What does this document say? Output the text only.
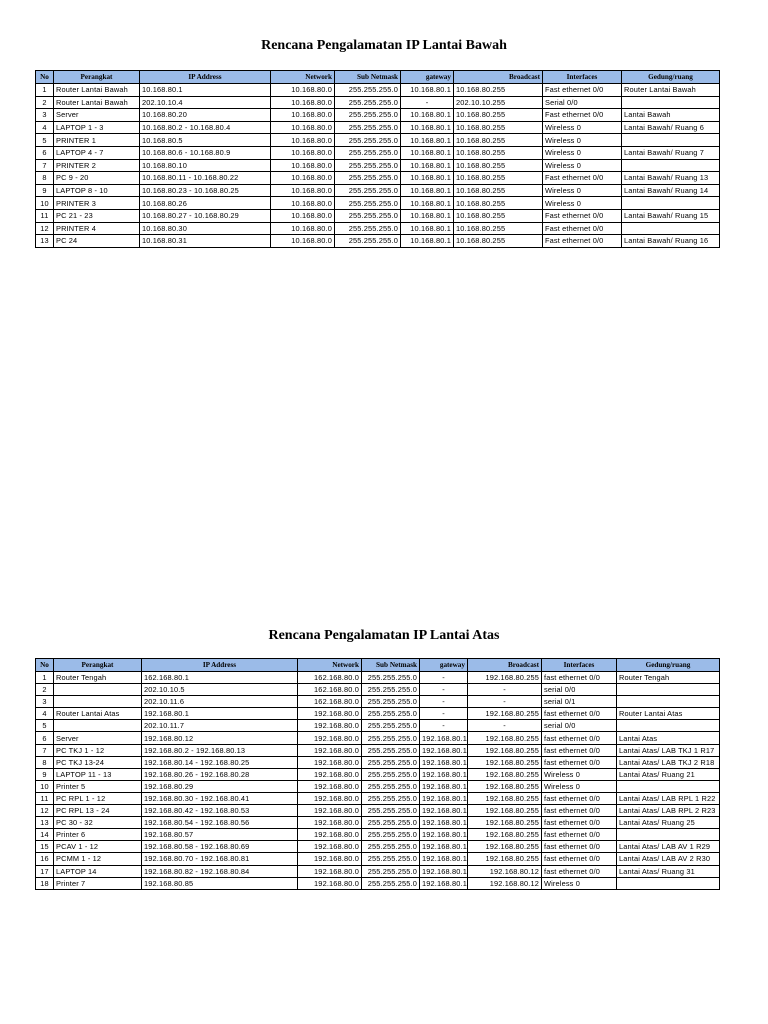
Rencana Pengalamatan IP Lantai Bawah
No	Perangkat	IP Address	Network	Sub Netmask	gateway	Broadcast	Interfaces	Gedung/ruang
1	Router Lantai Bawah	10.168.80.1	10.168.80.0	255.255.255.0	10.168.80.1	10.168.80.255	Fast ethernet 0/0	Router Lantai Bawah
2	Router Lantai Bawah	202.10.10.4	10.168.80.0	255.255.255.0	-	202.10.10.255	Serial 0/0	
3	Server	10.168.80.20	10.168.80.0	255.255.255.0	10.168.80.1	10.168.80.255	Fast ethernet 0/0	Lantai Bawah
4	LAPTOP 1 - 3	10.168.80.2 - 10.168.80.4	10.168.80.0	255.255.255.0	10.168.80.1	10.168.80.255	Wireless 0	Lantai Bawah/ Ruang 6
5	PRINTER 1	10.168.80.5	10.168.80.0	255.255.255.0	10.168.80.1	10.168.80.255	Wireless 0	
6	LAPTOP 4 - 7	10.168.80.6 - 10.168.80.9	10.168.80.0	255.255.255.0	10.168.80.1	10.168.80.255	Wireless 0	Lantai Bawah/ Ruang 7
7	PRINTER 2	10.168.80.10	10.168.80.0	255.255.255.0	10.168.80.1	10.168.80.255	Wireless 0	
8	PC 9 - 20	10.168.80.11 - 10.168.80.22	10.168.80.0	255.255.255.0	10.168.80.1	10.168.80.255	Fast ethernet 0/0	Lantai Bawah/ Ruang 13
9	LAPTOP 8 - 10	10.168.80.23 - 10.168.80.25	10.168.80.0	255.255.255.0	10.168.80.1	10.168.80.255	Wireless 0	Lantai Bawah/ Ruang 14
10	PRINTER 3	10.168.80.26	10.168.80.0	255.255.255.0	10.168.80.1	10.168.80.255	Wireless 0	
11	PC 21 - 23	10.168.80.27 - 10.168.80.29	10.168.80.0	255.255.255.0	10.168.80.1	10.168.80.255	Fast ethernet 0/0	Lantai Bawah/ Ruang 15
12	PRINTER 4	10.168.80.30	10.168.80.0	255.255.255.0	10.168.80.1	10.168.80.255	Fast ethernet 0/0	
13	PC 24	10.168.80.31	10.168.80.0	255.255.255.0	10.168.80.1	10.168.80.255	Fast ethernet 0/0	Lantai Bawah/ Ruang 16
Rencana Pengalamatan IP Lantai Atas
No	Perangkat	IP Address	Network	Sub Netmask	gateway	Broadcast	Interfaces	Gedung/ruang
1	Router Tengah	162.168.80.1	162.168.80.0	255.255.255.0	-	192.168.80.255	fast ethernet 0/0	Router Tengah
2		202.10.10.5	162.168.80.0	255.255.255.0	-	-	serial 0/0	
3		202.10.11.6	162.168.80.0	255.255.255.0	-	-	serial 0/1	
4	Router Lantai Atas	192.168.80.1	192.168.80.0	255.255.255.0	-	192.168.80.255	fast ethernet 0/0	Router Lantai Atas
5		202.10.11.7	192.168.80.0	255.255.255.0	-	-	serial 0/0	
6	Server	192.168.80.12	192.168.80.0	255.255.255.0	192.168.80.1	192.168.80.255	fast ethernet 0/0	Lantai Atas
7	PC TKJ 1 - 12	192.168.80.2 - 192.168.80.13	192.168.80.0	255.255.255.0	192.168.80.1	192.168.80.255	fast ethernet 0/0	Lantai Atas/ LAB TKJ 1 R17
8	PC TKJ 13-24	192.168.80.14 - 192.168.80.25	192.168.80.0	255.255.255.0	192.168.80.1	192.168.80.255	fast ethernet 0/0	Lantai Atas/ LAB TKJ 2 R18
9	LAPTOP 11 - 13	192.168.80.26 - 192.168.80.28	192.168.80.0	255.255.255.0	192.168.80.1	192.168.80.255	Wireless 0	Lantai Atas/ Ruang 21
10	Printer 5	192.168.80.29	192.168.80.0	255.255.255.0	192.168.80.1	192.168.80.255	Wireless 0	
11	PC RPL 1 - 12	192.168.80.30 - 192.168.80.41	192.168.80.0	255.255.255.0	192.168.80.1	192.168.80.255	fast ethernet 0/0	Lantai Atas/ LAB RPL 1 R22
12	PC RPL 13 - 24	192.168.80.42 - 192.168.80.53	192.168.80.0	255.255.255.0	192.168.80.1	192.168.80.255	fast ethernet 0/0	Lantai Atas/ LAB RPL 2 R23
13	PC 30 - 32	192.168.80.54 - 192.168.80.56	192.168.80.0	255.255.255.0	192.168.80.1	192.168.80.255	fast ethernet 0/0	Lantai Atas/ Ruang 25
14	Printer 6	192.168.80.57	192.168.80.0	255.255.255.0	192.168.80.1	192.168.80.255	fast ethernet 0/0	
15	PCAV 1 - 12	192.168.80.58 - 192.168.80.69	192.168.80.0	255.255.255.0	192.168.80.1	192.168.80.255	fast ethernet 0/0	Lantai Atas/ LAB AV 1 R29
16	PCMM 1 - 12	192.168.80.70 - 192.168.80.81	192.168.80.0	255.255.255.0	192.168.80.1	192.168.80.255	fast ethernet 0/0	Lantai Atas/ LAB AV 2 R30
17	LAPTOP 14	192.168.80.82 - 192.168.80.84	192.168.80.0	255.255.255.0	192.168.80.1	192.168.80.12	fast ethernet 0/0	Lantai Atas/ Ruang 31
18	Printer 7	192.168.80.85	192.168.80.0	255.255.255.0	192.168.80.1	192.168.80.12	Wireless 0	
